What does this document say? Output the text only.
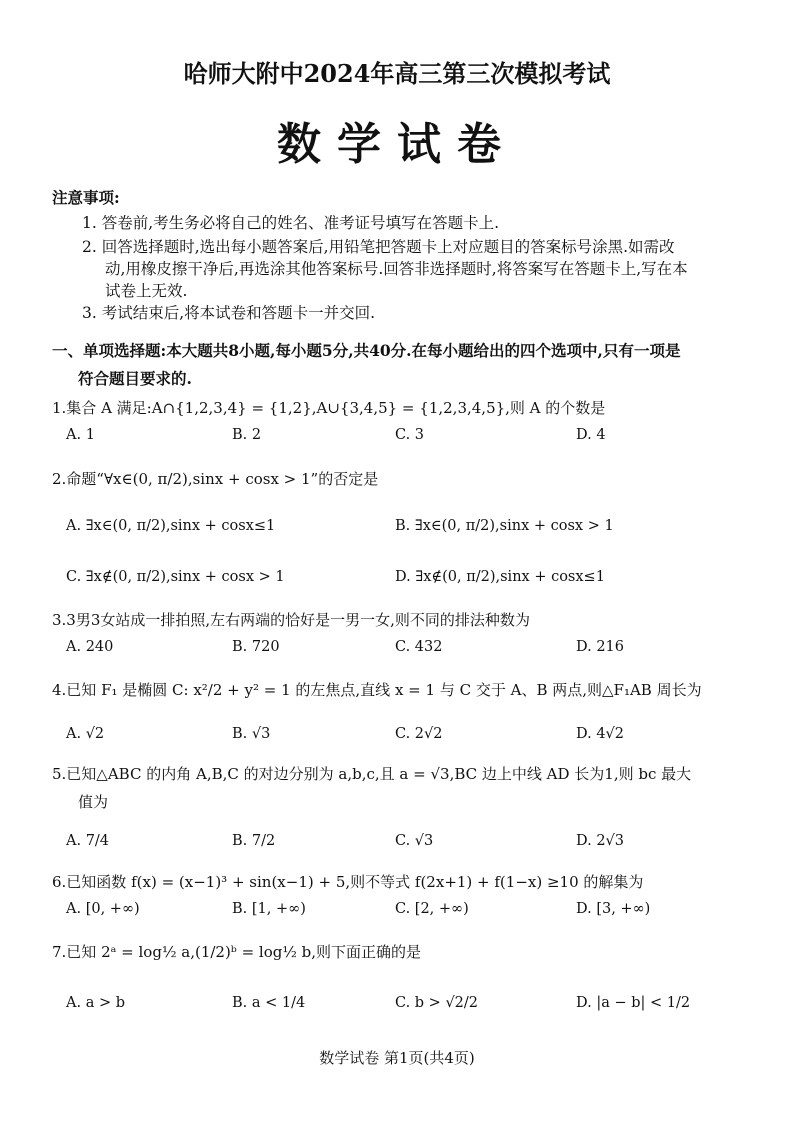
哈师大附中2024年高三第三次模拟考试
数学试卷
注意事项:
1. 答卷前,考生务必将自己的姓名、准考证号填写在答题卡上.
2. 回答选择题时,选出每小题答案后,用铅笔把答题卡上对应题目的答案标号涂黑.如需改
动,用橡皮擦干净后,再选涂其他答案标号.回答非选择题时,将答案写在答题卡上,写在本
试卷上无效.
3. 考试结束后,将本试卷和答题卡一并交回.
一、单项选择题:本大题共8小题,每小题5分,共40分.在每小题给出的四个选项中,只有一项是
符合题目要求的.
1.集合 A 满足:A∩{1,2,3,4} = {1,2},A∪{3,4,5} = {1,2,3,4,5},则 A 的个数是
A. 1	B. 2	C. 3	D. 4
2.命题“∀x∈(0, π/2),sinx + cosx > 1”的否定是
A. ∃x∈(0, π/2),sinx + cosx≤1	B. ∃x∈(0, π/2),sinx + cosx > 1
C. ∃x∉(0, π/2),sinx + cosx > 1	D. ∃x∉(0, π/2),sinx + cosx≤1
3.3男3女站成一排拍照,左右两端的恰好是一男一女,则不同的排法种数为
A. 240	B. 720	C. 432	D. 216
4.已知 F₁ 是椭圆 C: x²/2 + y² = 1 的左焦点,直线 x = 1 与 C 交于 A、B 两点,则△F₁AB 周长为
A. √2	B. √3	C. 2√2	D. 4√2
5.已知△ABC 的内角 A,B,C 的对边分别为 a,b,c,且 a = √3,BC 边上中线 AD 长为1,则 bc 最大
值为
A. 7/4	B. 7/2	C. √3	D. 2√3
6.已知函数 f(x) = (x−1)³ + sin(x−1) + 5,则不等式 f(2x+1) + f(1−x) ≥10 的解集为
A. [0, +∞)	B. [1, +∞)	C. [2, +∞)	D. [3, +∞)
7.已知 2ᵃ = log½ a,(1/2)ᵇ = log½ b,则下面正确的是
A. a > b	B. a < 1/4	C. b > √2/2	D. |a − b| < 1/2
数学试卷 第1页(共4页)
